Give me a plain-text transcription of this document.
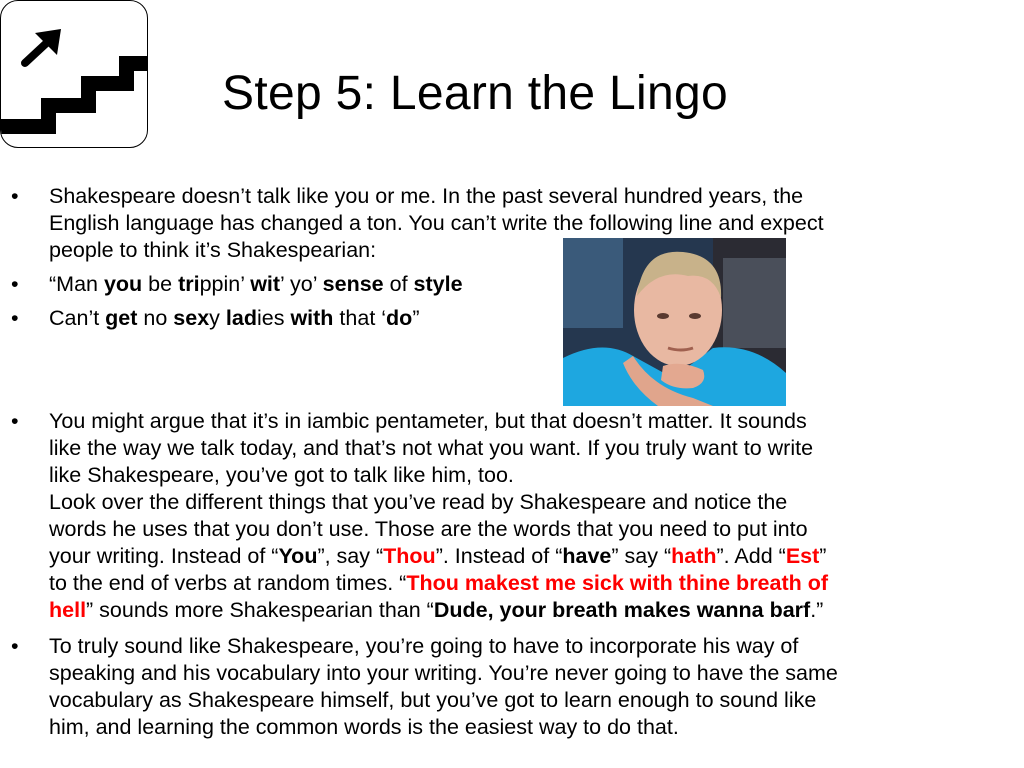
Step 5: Learn the Lingo
• Shakespeare doesn’t talk like you or me. In the past several hundred years, the
English language has changed a ton. You can’t write the following line and expect
people to think it’s Shakespearian:
• “Man you be trippin’ wit’ yo’ sense of style
• Can’t get no sexy ladies with that ‘do”
• You might argue that it’s in iambic pentameter, but that doesn’t matter. It sounds
like the way we talk today, and that’s not what you want. If you truly want to write
like Shakespeare, you’ve got to talk like him, too.
Look over the different things that you’ve read by Shakespeare and notice the
words he uses that you don’t use. Those are the words that you need to put into
your writing. Instead of “You”, say “Thou”. Instead of “have” say “hath”. Add “Est”
to the end of verbs at random times. “Thou makest me sick with thine breath of
hell” sounds more Shakespearian than “Dude, your breath makes wanna barf.”
• To truly sound like Shakespeare, you’re going to have to incorporate his way of
speaking and his vocabulary into your writing. You’re never going to have the same
vocabulary as Shakespeare himself, but you’ve got to learn enough to sound like
him, and learning the common words is the easiest way to do that.
